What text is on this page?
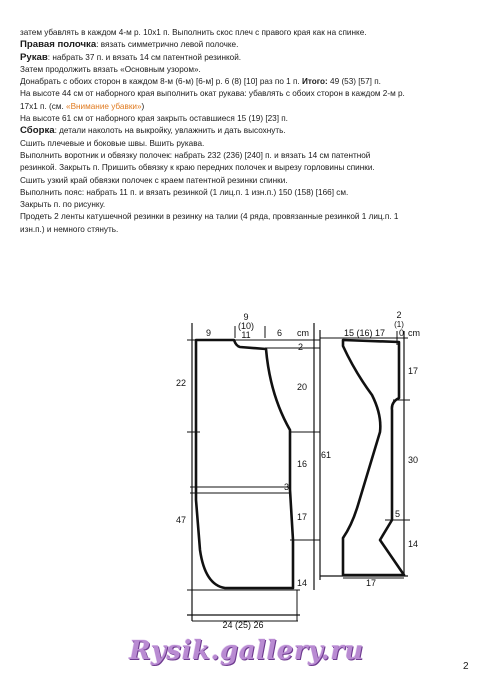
затем убавлять в каждом 4-м р. 10x1 п. Выполнить скос плеч с правого края как на спинке.
Правая полочка: вязать симметрично левой полочке.
Рукав: набрать 37 п. и вязать 14 см патентной резинкой.
Затем продолжить вязать «Основным узором».
Донабрать с обоих сторон в каждом 8-м (6-м) [6-м] р. 6 (8) [10] раз по 1 п. Итого: 49 (53) [57] п.
На высоте 44 см от наборного края выполнить окат рукава: убавлять с обоих сторон в каждом 2-м р.
17x1 п. (см. «Внимание убавки»)
На высоте 61 см от наборного края закрыть оставшиеся 15 (19) [23] п.
Сборка: детали наколоть на выкройку, увлажнить и дать высохнуть.
Сшить плечевые и боковые швы. Вшить рукава.
Выполнить воротник и обвязку полочек: набрать 232 (236) [240] п. и вязать 14 см патентной
резинкой. Закрыть п. Пришить обвязку к краю передних полочек и вырезу горловины спинки.
Сшить узкий край обвязки полочек с краем патентной резинки спинки.
Выполнить пояс: набрать 11 п. и вязать резинкой (1 лиц.п. 1 изн.п.) 150 (158) [166] см.
Закрыть п. по рисунку.
Продеть 2 ленты катушечной резинки в резинку на талии (4 ряда, провязанные резинкой 1 лиц.п. 1
изн.п.) и немного стянуть.
9
9
(10)
11	6 cm
2
20
16
3
17
14
22
47
24 (25) 26
2
(1)
15 (16) 17 0 cm
17
30
14
5
61
17
Rysik.gallery.ru
2
